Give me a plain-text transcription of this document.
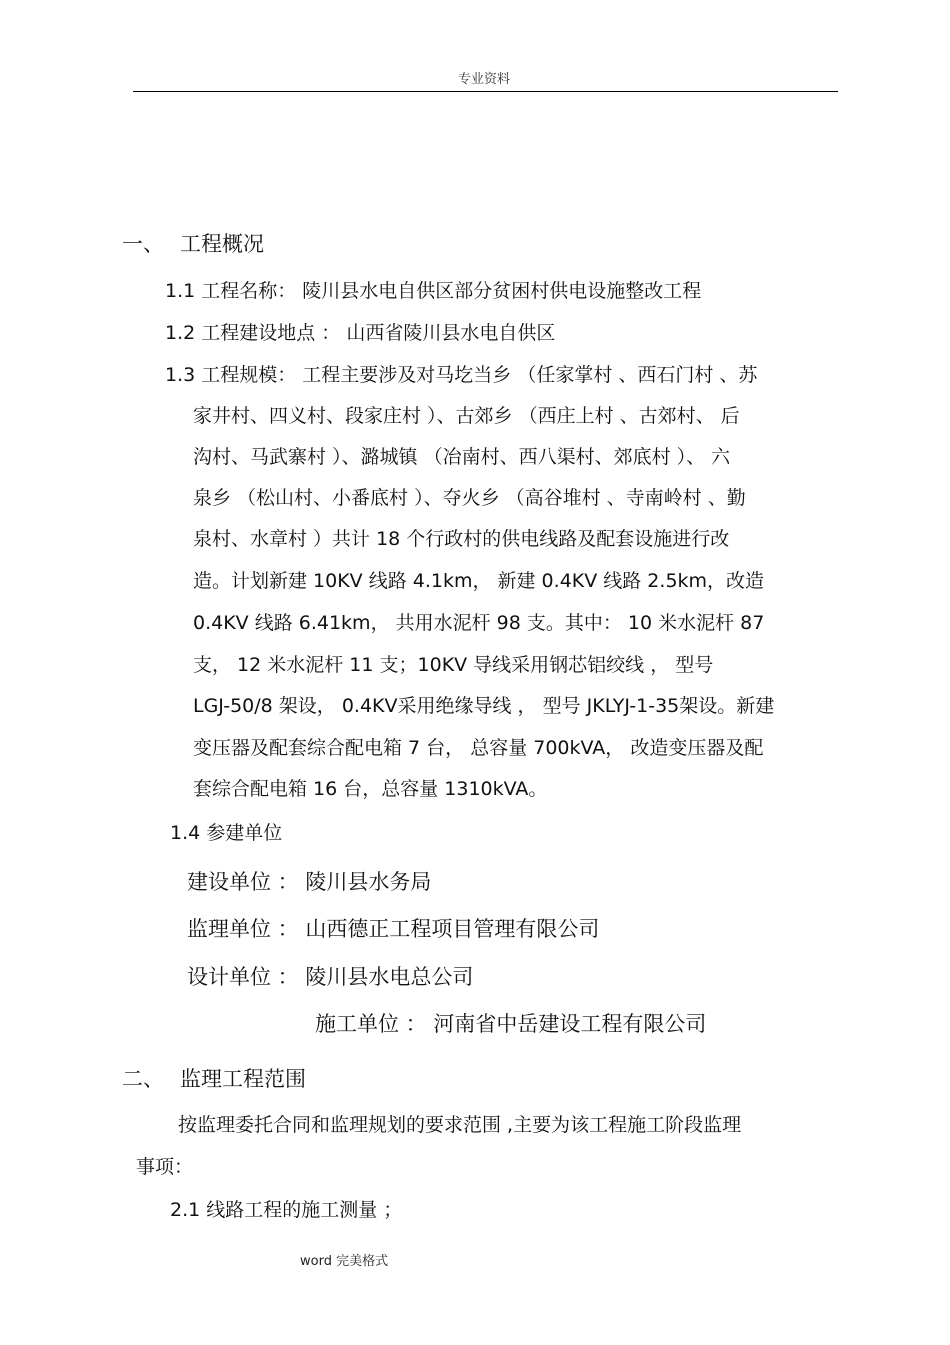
专业资料
一、 工程概况
1.1 工程名称： 陵川县水电自供区部分贫困村供电设施整改工程
1.2 工程建设地点 ： 山西省陵川县水电自供区
1.3 工程规模： 工程主要涉及对马圪当乡 （任家掌村 、西石门村 、苏
家井村、四义村、段家庄村 ）、古郊乡 （西庄上村 、古郊村、 后
沟村、马武寨村 ）、潞城镇 （冶南村、西八渠村、郊底村 ）、 六
泉乡 （松山村、小番底村 ）、夺火乡 （高谷堆村 、寺南岭村 、勤
泉村、水章村 ）共计 18 个行政村的供电线路及配套设施进行改
造。计划新建 10KV 线路 4.1km， 新建 0.4KV 线路 2.5km，改造
0.4KV 线路 6.41km， 共用水泥杆 98 支。其中： 10 米水泥杆 87
支， 12 米水泥杆 11 支；10KV 导线采用钢芯铝绞线 ， 型号
LGJ-50/8 架设， 0.4KV采用绝缘导线 ， 型号 JKLYJ-1-35架设。新建
变压器及配套综合配电箱 7 台， 总容量 700kVA， 改造变压器及配
套综合配电箱 16 台，总容量 1310kVA。
1.4 参建单位
建设单位 ： 陵川县水务局
监理单位 ： 山西德正工程项目管理有限公司
设计单位 ： 陵川县水电总公司
施工单位 ： 河南省中岳建设工程有限公司
二、 监理工程范围
按监理委托合同和监理规划的要求范围 ,主要为该工程施工阶段监理
事项：
2.1 线路工程的施工测量 ；
word 完美格式
